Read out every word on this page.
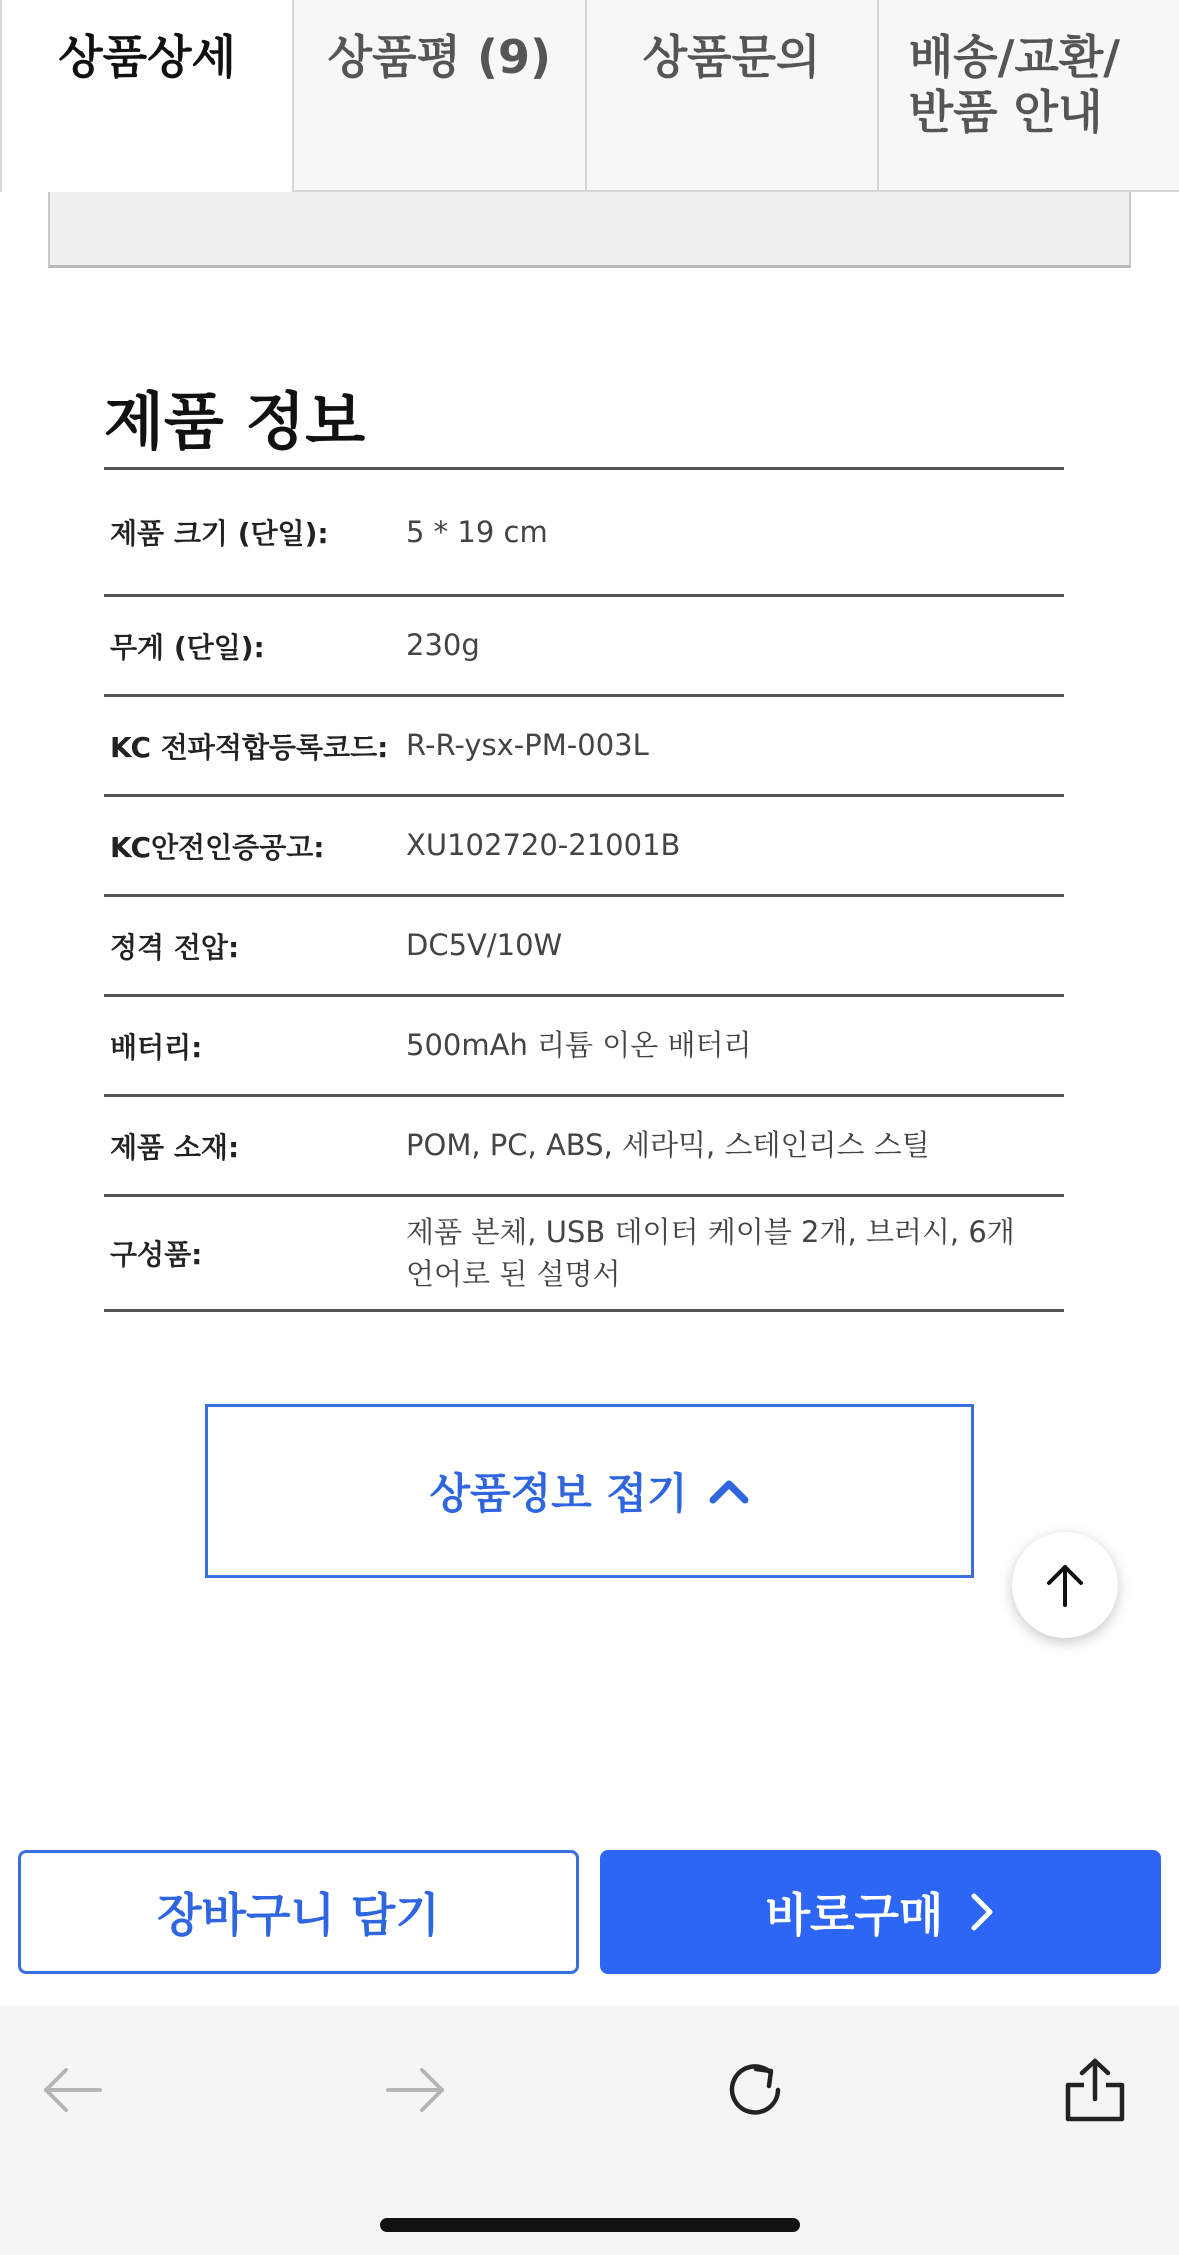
상품상세	상품평 (9)	상품문의	배송/교환/
반품 안내
제품 정보
제품 크기 (단일):	5 * 19 cm
무게 (단일):	230g
KC 전파적합등록코드: R-R-ysx-PM-003L
KC안전인증공고:	XU102720-21001B
정격 전압:	DC5V/10W
배터리:	500mAh 리튬 이온 배터리
제품 소재:	POM, PC, ABS, 세라믹, 스테인리스 스틸
구성품:
제품 본체, USB 데이터 케이블 2개, 브러시, 6개 언어로 된 설명서
상품정보 접기
장바구니 담기	바로구매
